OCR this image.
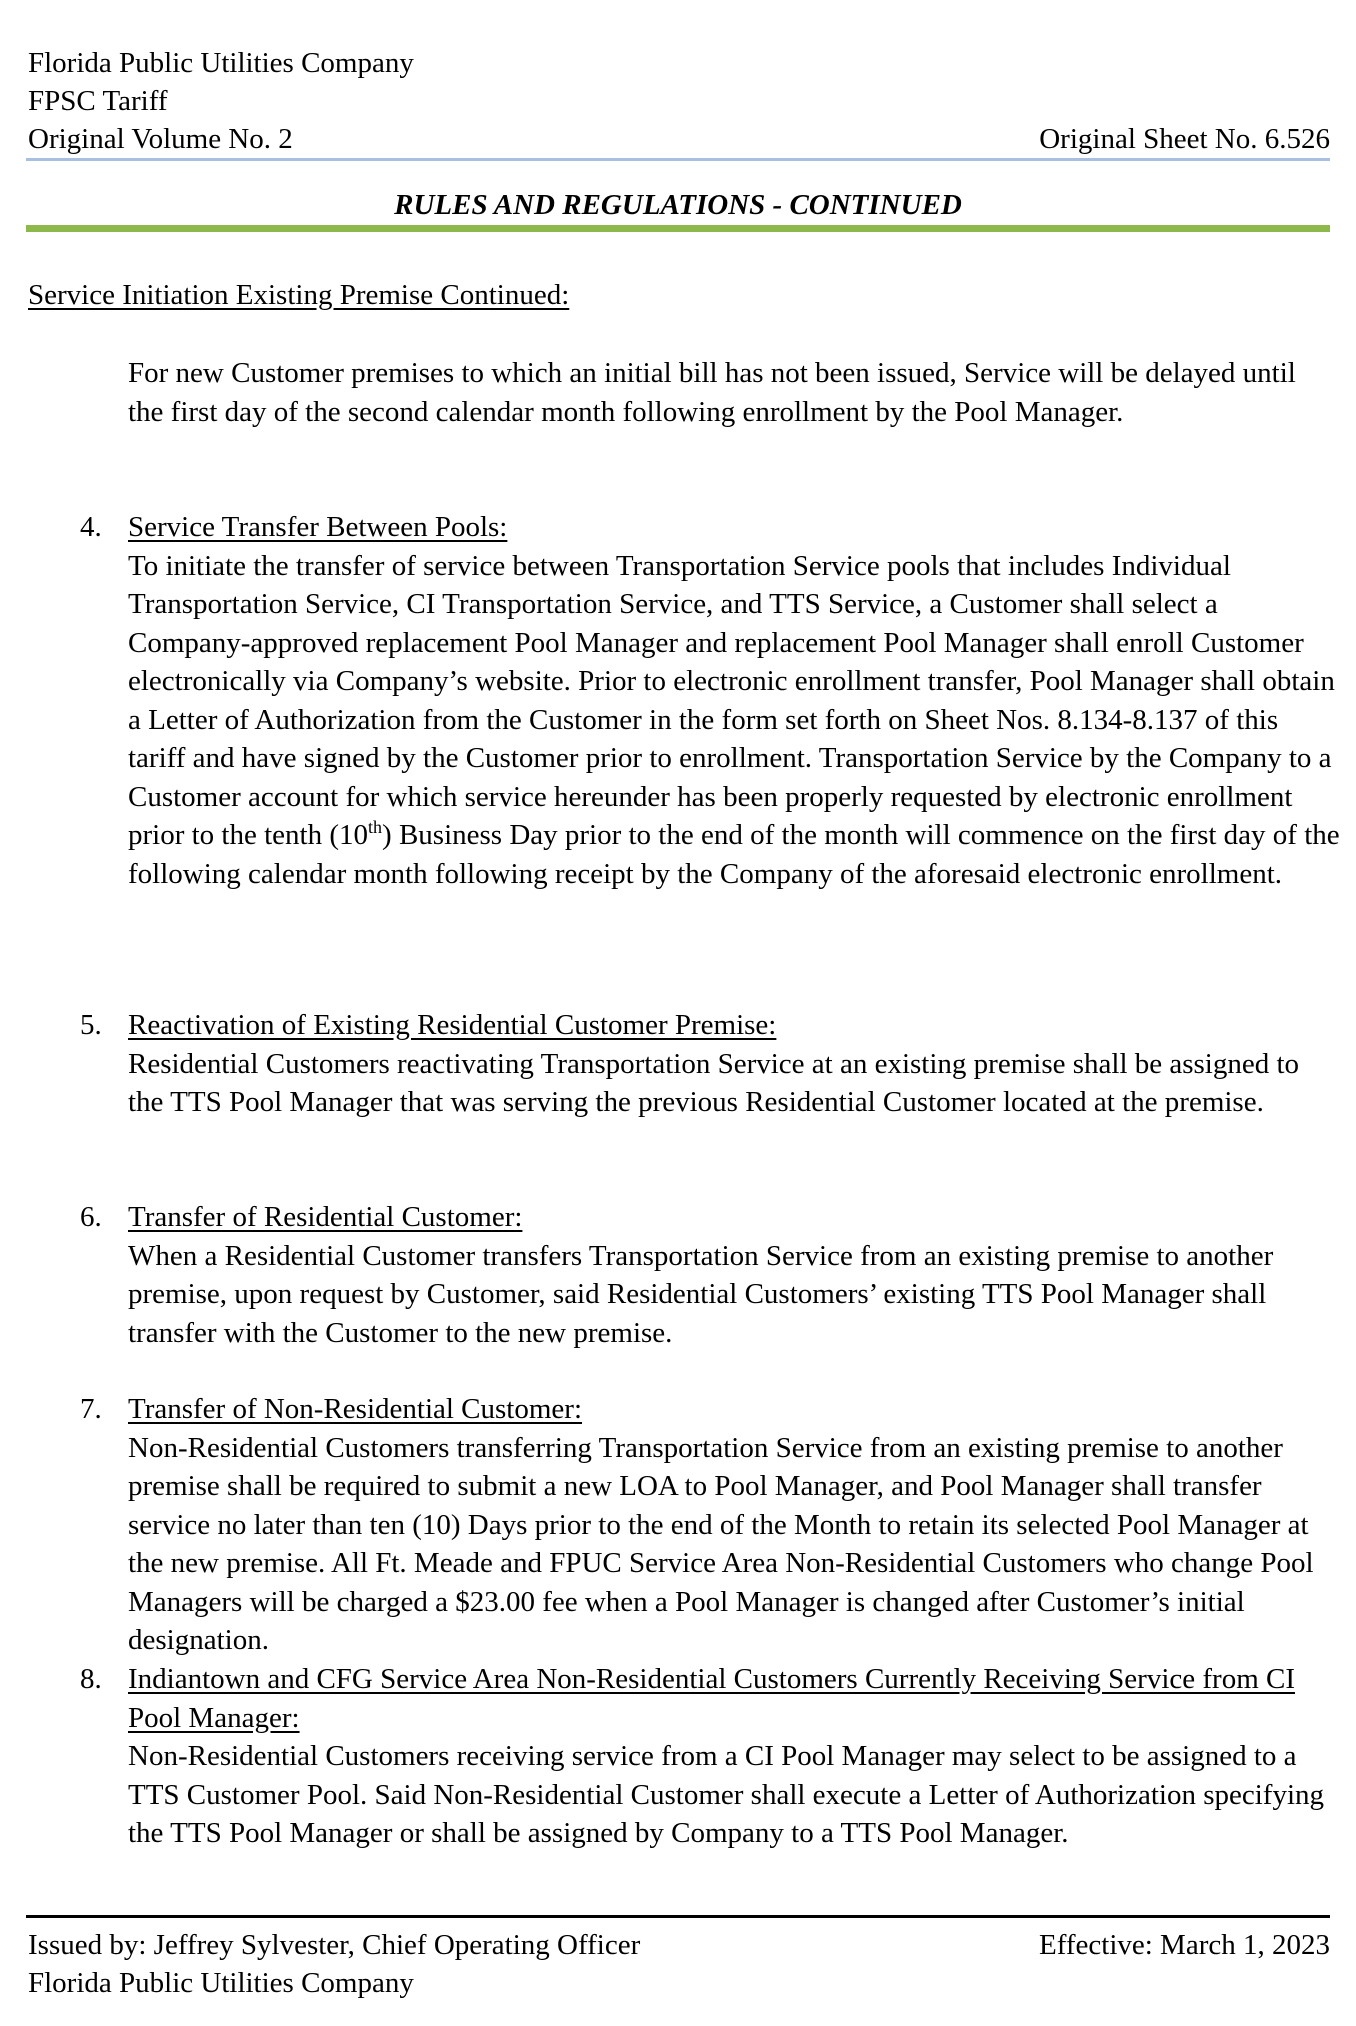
Florida Public Utilities Company
FPSC Tariff
Original Volume No. 2	Original Sheet No. 6.526
RULES AND REGULATIONS - CONTINUED
Service Initiation Existing Premise Continued:
For new Customer premises to which an initial bill has not been issued, Service will be delayed until the first day of the second calendar month following enrollment by the Pool Manager.
4. Service Transfer Between Pools:
To initiate the transfer of service between Transportation Service pools that includes Individual Transportation Service, CI Transportation Service, and TTS Service, a Customer shall select a Company-approved replacement Pool Manager and replacement Pool Manager shall enroll Customer electronically via Company’s website. Prior to electronic enrollment transfer, Pool Manager shall obtain a Letter of Authorization from the Customer in the form set forth on Sheet Nos. 8.134-8.137 of this tariff and have signed by the Customer prior to enrollment. Transportation Service by the Company to a Customer account for which service hereunder has been properly requested by electronic enrollment prior to the tenth (10th) Business Day prior to the end of the month will commence on the first day of the following calendar month following receipt by the Company of the aforesaid electronic enrollment.
5. Reactivation of Existing Residential Customer Premise:
Residential Customers reactivating Transportation Service at an existing premise shall be assigned to the TTS Pool Manager that was serving the previous Residential Customer located at the premise.
6. Transfer of Residential Customer:
When a Residential Customer transfers Transportation Service from an existing premise to another premise, upon request by Customer, said Residential Customers’ existing TTS Pool Manager shall transfer with the Customer to the new premise.
7. Transfer of Non-Residential Customer:
Non-Residential Customers transferring Transportation Service from an existing premise to another premise shall be required to submit a new LOA to Pool Manager, and Pool Manager shall transfer service no later than ten (10) Days prior to the end of the Month to retain its selected Pool Manager at the new premise. All Ft. Meade and FPUC Service Area Non-Residential Customers who change Pool Managers will be charged a $23.00 fee when a Pool Manager is changed after Customer’s initial designation.
8. Indiantown and CFG Service Area Non-Residential Customers Currently Receiving Service from CI Pool Manager:
Non-Residential Customers receiving service from a CI Pool Manager may select to be assigned to a TTS Customer Pool. Said Non-Residential Customer shall execute a Letter of Authorization specifying the TTS Pool Manager or shall be assigned by Company to a TTS Pool Manager.
Issued by: Jeffrey Sylvester, Chief Operating Officer	Effective: March 1, 2023
Florida Public Utilities Company
